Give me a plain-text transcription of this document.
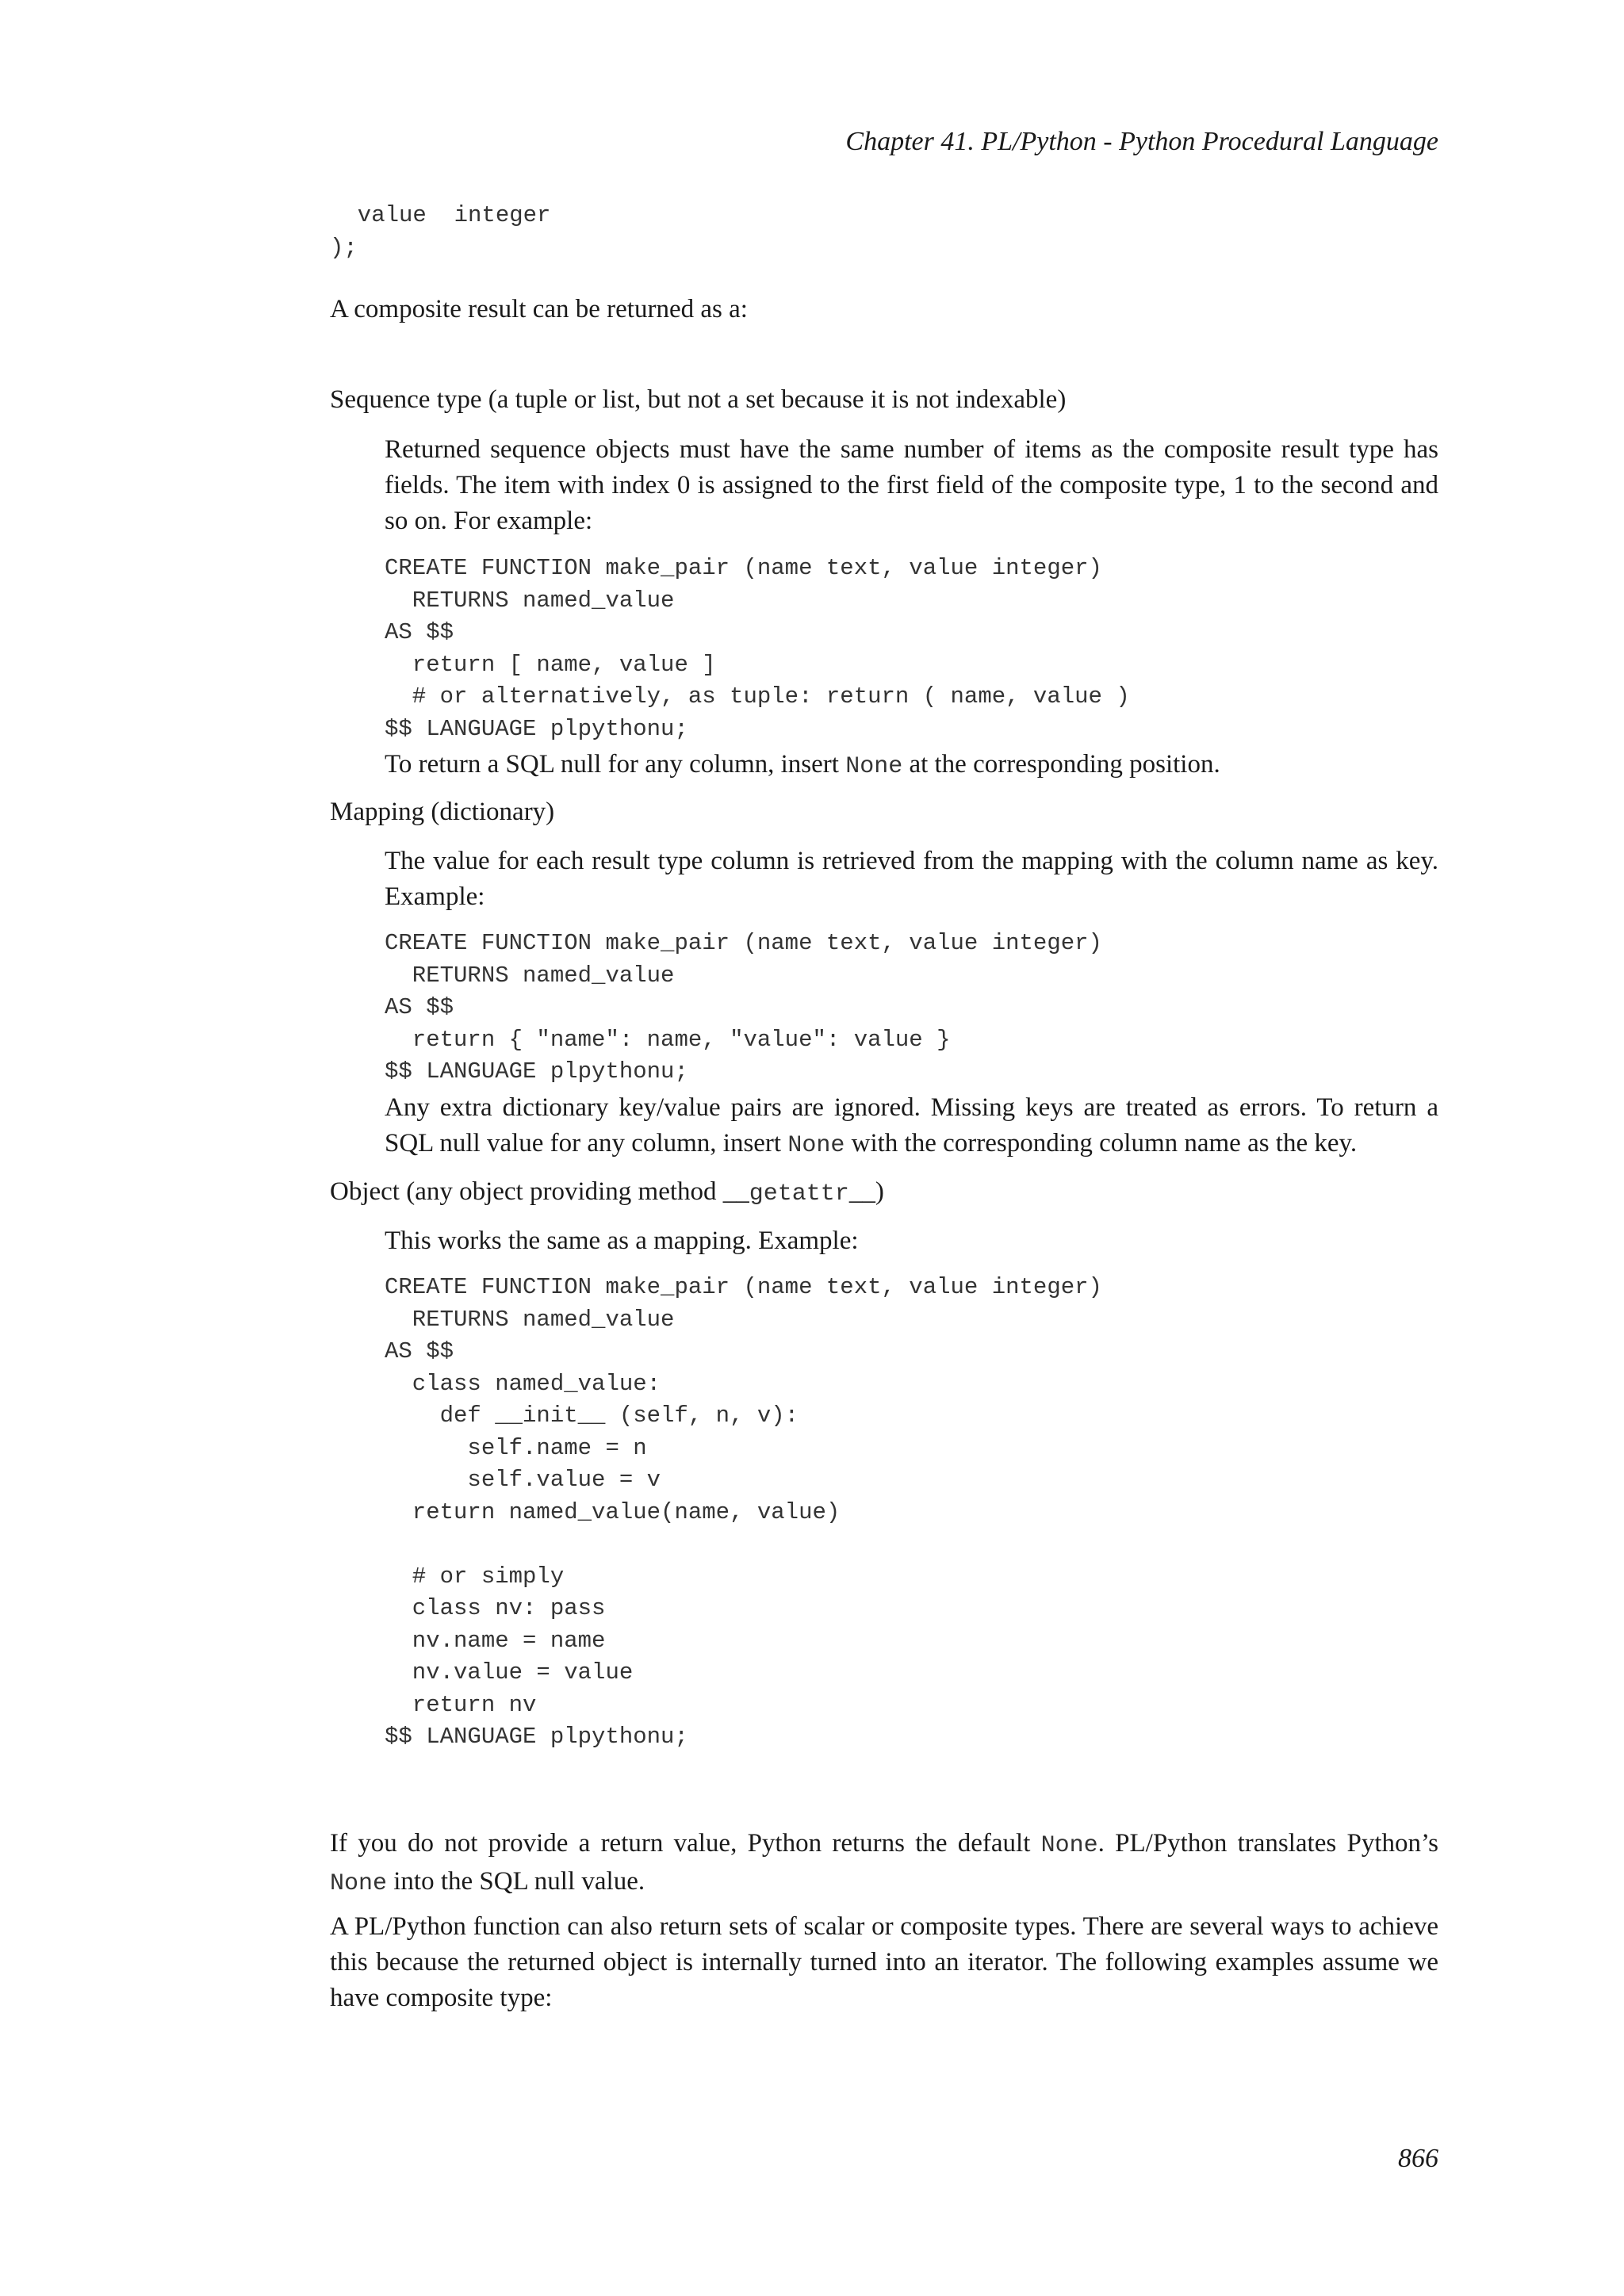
Chapter 41. PL/Python - Python Procedural Language
value  integer
);

A composite result can be returned as a:

Sequence type (a tuple or list, but not a set because it is not indexable)

Returned sequence objects must have the same number of items as the composite result type has fields. The item with index 0 is assigned to the first field of the composite type, 1 to the second and so on. For example:

CREATE FUNCTION make_pair (name text, value integer)
RETURNS named_value
AS $$
return [ name, value ]
# or alternatively, as tuple: return ( name, value )
$$ LANGUAGE plpythonu;

To return a SQL null for any column, insert None at the corresponding position.

Mapping (dictionary)

The value for each result type column is retrieved from the mapping with the column name as key. Example:

CREATE FUNCTION make_pair (name text, value integer)
RETURNS named_value
AS $$
return { "name": name, "value": value }
$$ LANGUAGE plpythonu;

Any extra dictionary key/value pairs are ignored. Missing keys are treated as errors. To return a SQL null value for any column, insert None with the corresponding column name as the key.

Object (any object providing method __getattr__)

This works the same as a mapping. Example:

CREATE FUNCTION make_pair (name text, value integer)
RETURNS named_value
AS $$
class named_value:
def __init__ (self, n, v):
self.name = n
self.value = v
return named_value(name, value)

# or simply
class nv: pass
nv.name = name
nv.value = value
return nv
$$ LANGUAGE plpythonu;

If you do not provide a return value, Python returns the default None. PL/Python translates Python’s None into the SQL null value.

A PL/Python function can also return sets of scalar or composite types. There are several ways to achieve this because the returned object is internally turned into an iterator. The following examples assume we have composite type:

866
